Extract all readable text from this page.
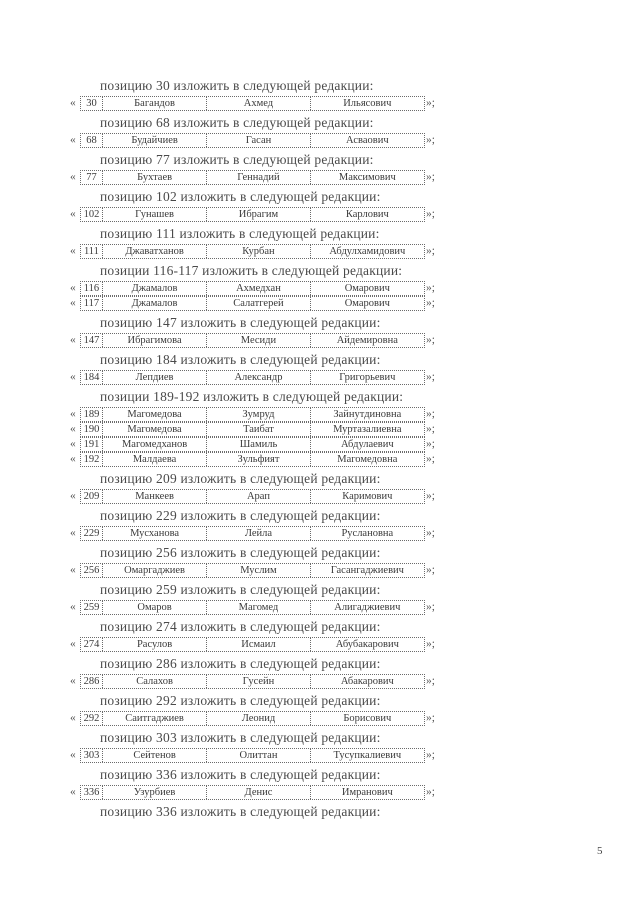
позицию 30 изложить в следующей редакции:
« 30	Багандов	Ахмед	Ильясович	»;
позицию 68 изложить в следующей редакции:
« 68	Будайчиев	Гасан	Асваович	»;
позицию 77 изложить в следующей редакции:
« 77	Бухтаев	Геннадий	Максимович	»;
позицию 102 изложить в следующей редакции:
« 102	Гунашев	Ибрагим	Карлович	»;
позицию 111 изложить в следующей редакции:
« 111	Джаватханов	Курбан	Абдулхамидович	»;
позиции 116-117 изложить в следующей редакции:
« 116	Джамалов	Ахмедхан	Омарович	»;
« 117	Джамалов	Салатгерей	Омарович	»;
позицию 147 изложить в следующей редакции:
« 147	Ибрагимова	Месиди	Айдемировна	»;
позицию 184 изложить в следующей редакции:
« 184	Лепдиев	Александр	Григорьевич	»;
позиции 189-192 изложить в следующей редакции:
« 189	Магомедова	Зумруд	Зайнутдиновна	»;
« 190	Магомедова	Таибат	Муртазалиевна	»;
« 191	Магомедханов	Шамиль	Абдулаевич	»;
« 192	Малдаева	Зульфият	Магомедовна	»;
позицию 209 изложить в следующей редакции:
« 209	Манкеев	Арап	Каримович	»;
позицию 229 изложить в следующей редакции:
« 229	Мусханова	Лейла	Руслановна	»;
позицию 256 изложить в следующей редакции:
« 256	Омаргаджиев	Муслим	Гасангаджиевич	»;
позицию 259 изложить в следующей редакции:
« 259	Омаров	Магомед	Алигаджиевич	»;
позицию 274 изложить в следующей редакции:
« 274	Расулов	Исмаил	Абубакарович	»;
позицию 286 изложить в следующей редакции:
« 286	Салахов	Гусейн	Абакарович	»;
позицию 292 изложить в следующей редакции:
« 292	Саитгаджиев	Леонид	Борисович	»;
позицию 303 изложить в следующей редакции:
« 303	Сейтенов	Олиттан	Тусупкалиевич	»;
позицию 336 изложить в следующей редакции:
« 336	Узурбиев	Денис	Имранович	»;
позицию 336 изложить в следующей редакции:
5
